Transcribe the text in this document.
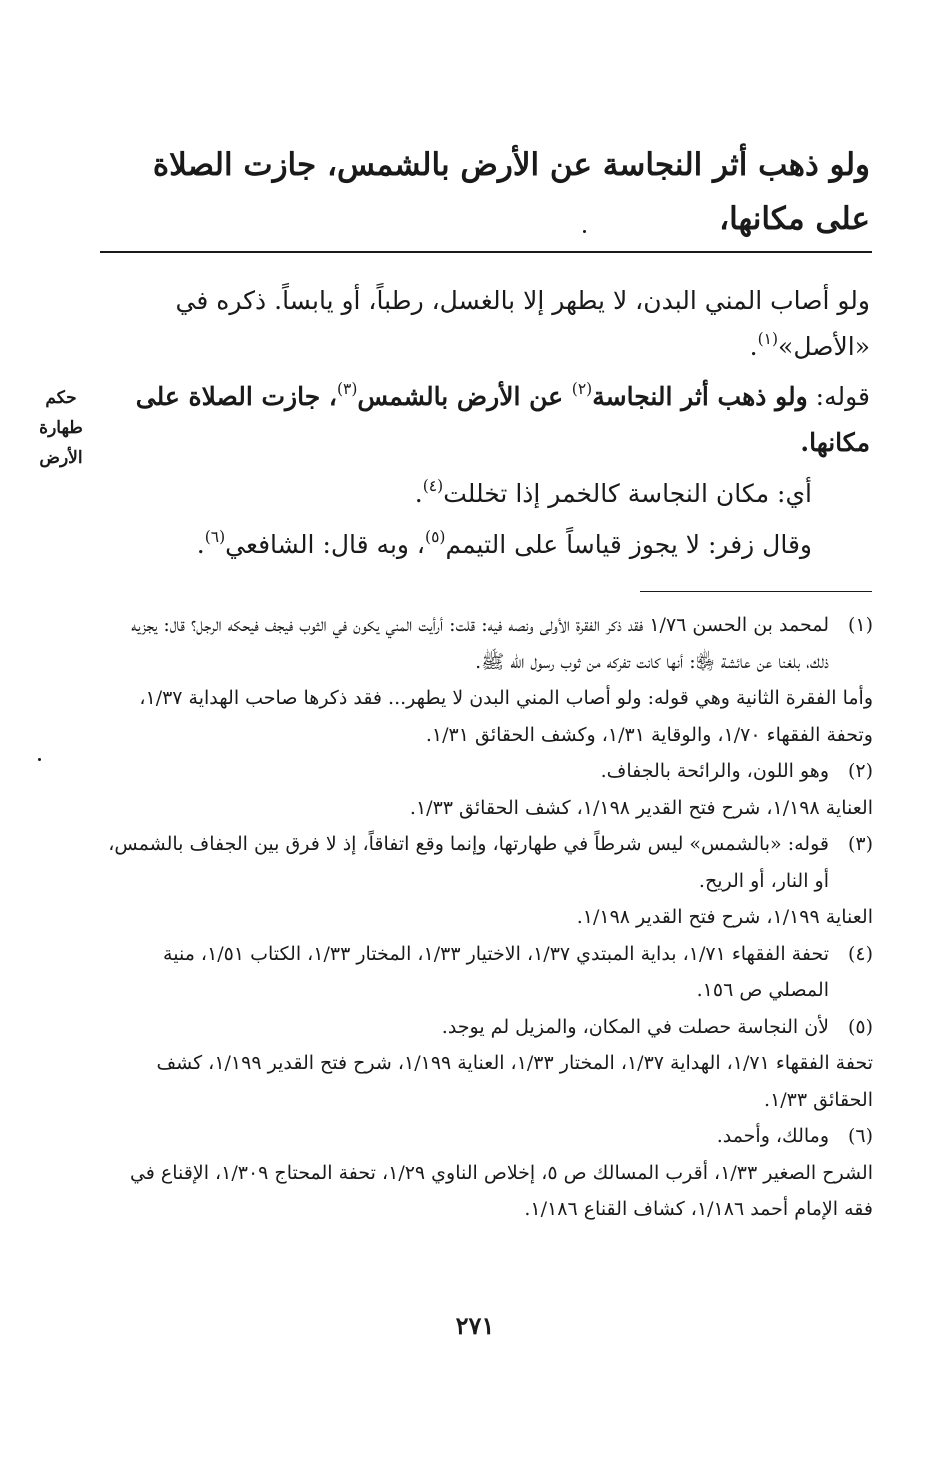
ولو ذهب أثر النجاسة عن الأرض بالشمس، جازت الصلاة على مكانها،
ولو أصاب المني البدن، لا يطهر إلا بالغسل، رطباً، أو يابساً. ذكره في «الأصل»$^{(١)}$.
قوله: ولو ذهب أثر النجاسة$^{(٢)}$ عن الأرض بالشمس$^{(٣)}$، جازت الصلاة على مكانها.
حكم
طهارة
الأرض
أي: مكان النجاسة كالخمر إذا تخللت$^{(٤)}$.
وقال زفر: لا يجوز قياساً على التيمم$^{(٥)}$، وبه قال: الشافعي$^{(٦)}$.
(١)
لمحمد بن الحسن ١/٧٦ فقد ذكر الفقرة الأولى ونصه فيه: قلت: أرأيت المني يكون في الثوب فيجف فيحكه الرجل؟ قال: يجزيه ذلك، بلغنا عن عائشة ﵂: أنها كانت تفركه من ثوب رسول الله ﷺ.
وأما الفقرة الثانية وهي قوله: ولو أصاب المني البدن لا يطهر... فقد ذكرها صاحب الهداية ١/٣٧، وتحفة الفقهاء ١/٧٠، والوقاية ١/٣١، وكشف الحقائق ١/٣١.
(٢)
وهو اللون، والرائحة بالجفاف.
العناية ١/١٩٨، شرح فتح القدير ١/١٩٨، كشف الحقائق ١/٣٣.
(٣)
قوله: «بالشمس» ليس شرطاً في طهارتها، وإنما وقع اتفاقاً، إذ لا فرق بين الجفاف بالشمس، أو النار، أو الريح.
العناية ١/١٩٩، شرح فتح القدير ١/١٩٨.
(٤)
تحفة الفقهاء ١/٧١، بداية المبتدي ١/٣٧، الاختيار ١/٣٣، المختار ١/٣٣، الكتاب ١/٥١، منية المصلي ص ١٥٦.
(٥)
لأن النجاسة حصلت في المكان، والمزيل لم يوجد.
تحفة الفقهاء ١/٧١، الهداية ١/٣٧، المختار ١/٣٣، العناية ١/١٩٩، شرح فتح القدير ١/١٩٩، كشف الحقائق ١/٣٣.
(٦)
ومالك، وأحمد.
الشرح الصغير ١/٣٣، أقرب المسالك ص ٥، إخلاص الناوي ١/٢٩، تحفة المحتاج ١/٣٠٩، الإقناع في فقه الإمام أحمد ١/١٨٦، كشاف القناع ١/١٨٦.
٢٧١
